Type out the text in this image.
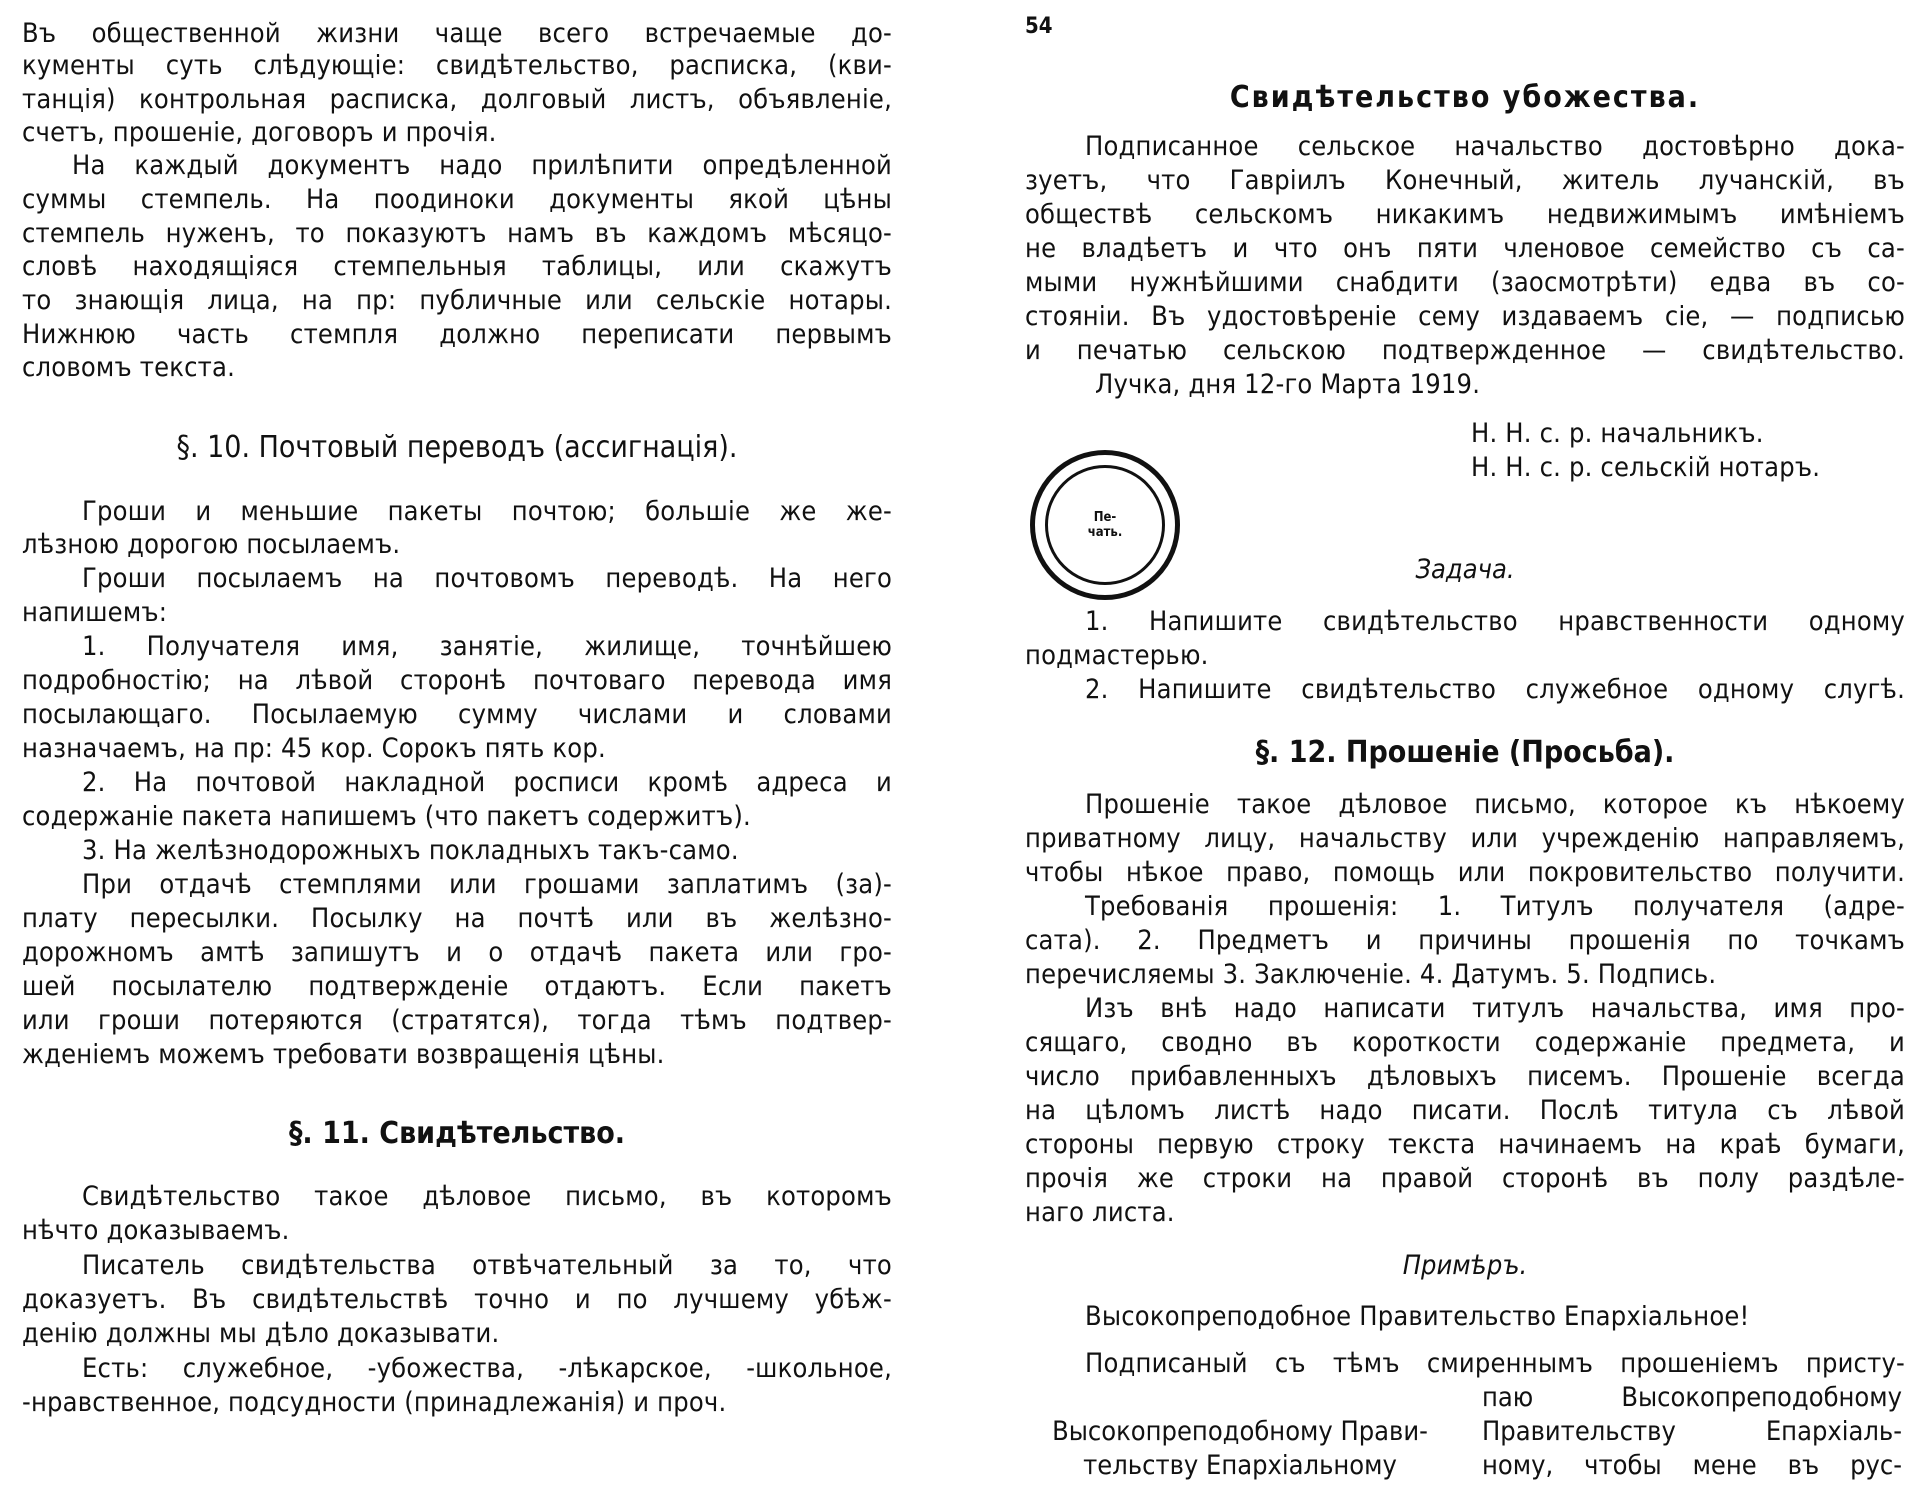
Въ общественной жизни чаще всего встречаемые до-
кументы суть слѣдующіе: свидѣтельство, расписка, (кви-
танція) контрольная расписка, долговый листъ, объявленіе,
счетъ, прошеніе, договоръ и прочія.
На каждый документъ надо прилѣпити опредѣленной
суммы стемпель. На поодиноки документы якой цѣны
стемпель нуженъ, то показуютъ намъ въ каждомъ мѣсяцо-
словѣ находящіяся стемпельныя таблицы, или скажутъ
то знающія лица, на пр: публичные или сельскіе нотары.
Нижнюю часть стемпля должно переписати первымъ
словомъ текста.
§. 10. Почтовый переводъ (ассигнація).
Гроши и меньшие пакеты почтою; большіе же же-
лѣзною дорогою посылаемъ.
Гроши посылаемъ на почтовомъ переводѣ. На него
напишемъ:
1. Получателя имя, занятіе, жилище, точнѣйшею
подробностію; на лѣвой сторонѣ почтоваго перевода имя
посылающаго. Посылаемую сумму числами и словами
назначаемъ, на пр: 45 кор. Сорокъ пять кор.
2. На почтовой накладной росписи кромѣ адреса и
содержаніе пакета напишемъ (что пакетъ содержитъ).
3. На желѣзнодорожныхъ покладныхъ такъ-само.
При отдачѣ стемплями или грошами заплатимъ (за)-
плату пересылки. Посылку на почтѣ или въ желѣзно-
дорожномъ амтѣ запишутъ и о отдачѣ пакета или гро-
шей посылателю подтвержденіе отдаютъ. Если пакетъ
или гроши потеряются (стратятся), тогда тѣмъ подтвер-
жденіемъ можемъ требовати возвращенія цѣны.
§. 11. Свидѣтельство.
Свидѣтельство такое дѣловое письмо, въ которомъ
нѣчто доказываемъ.
Писатель свидѣтельства отвѣчательный за то, что
доказуетъ. Въ свидѣтельствѣ точно и по лучшему убѣж-
денію должны мы дѣло доказывати.
Есть: служебное, -убожества, -лѣкарское, -школьное,
-нравственное, подсудности (принадлежанія) и проч.
54
Свидѣтельство убожества.
Подписанное сельское начальство достовѣрно дока-
зуетъ, что Гавріилъ Конечный, житель лучанскій, въ
обществѣ сельскомъ никакимъ недвижимымъ имѣніемъ
не владѣетъ и что онъ пяти членовое семейство съ са-
мыми нужнѣйшими снабдити (заосмотрѣти) едва въ со-
стояніи. Въ удостовѣреніе сему издаваемъ сіе, — подписью
и печатью сельскою подтвержденное — свидѣтельство.
Лучка, дня 12-го Марта 1919.
Пе-
чать.
Н. Н. с. р. начальникъ.
Н. Н. с. р. сельскій нотаръ.
Задача.
1. Напишите свидѣтельство нравственности одному
подмастерью.
2. Напишите свидѣтельство служебное одному слугѣ.
§. 12. Прошеніе (Просьба).
Прошеніе такое дѣловое письмо, которое къ нѣкоему
приватному лицу, начальству или учрежденію направляемъ,
чтобы нѣкое право, помощь или покровительство получити.
Требованія прошенія: 1. Титулъ получателя (адре-
сата). 2. Предметъ и причины прошенія по точкамъ
перечисляемы 3. Заключеніе. 4. Датумъ. 5. Подпись.
Изъ внѣ надо написати титулъ начальства, имя про-
сящаго, сводно въ короткости содержаніе предмета, и
число прибавленныхъ дѣловыхъ писемъ. Прошеніе всегда
на цѣломъ листѣ надо писати. Послѣ титула съ лѣвой
стороны первую строку текста начинаемъ на краѣ бумаги,
прочія же строки на правой сторонѣ въ полу раздѣле-
наго листа.
Примѣръ.
Высокопреподобное Правительство Епархіальное!
Подписаный съ тѣмъ смиреннымъ прошеніемъ присту-
паю Высокопреподобному
Правительству Епархіаль-
ному, чтобы мене въ рус-
Высокопреподобному Прави-
тельству Епархіальному
